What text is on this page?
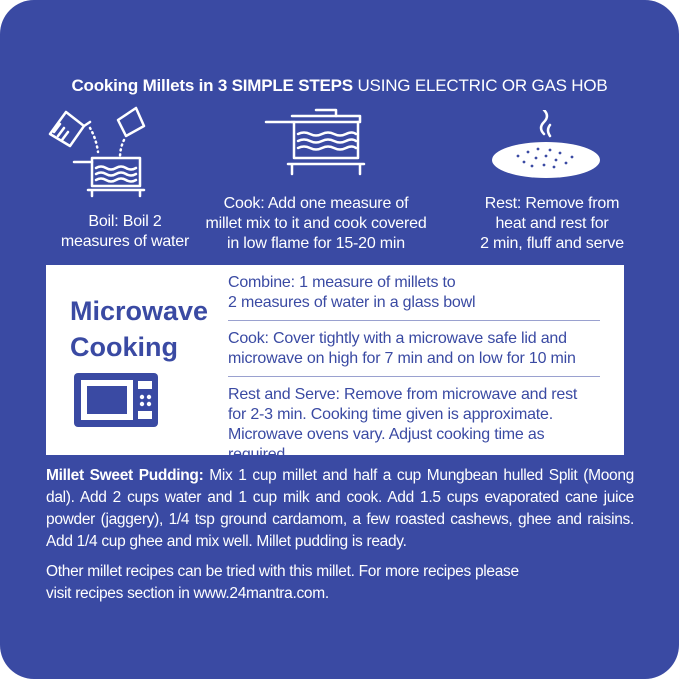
Cooking Millets in 3 SIMPLE STEPS USING ELECTRIC OR GAS HOB
Boil: Boil 2
measures of water
Cook: Add one measure of
millet mix to it and cook covered
in low flame for 15-20 min
Rest: Remove from
heat and rest for
2 min, fluff and serve
Microwave
Cooking
Combine: 1 measure of millets to
2 measures of water in a glass bowl
Cook: Cover tightly with a microwave safe lid and
microwave on high for 7 min and on low for 10 min
Rest and Serve: Remove from microwave and rest
for 2-3 min. Cooking time given is approximate.
Microwave ovens vary. Adjust cooking time as required
Millet Sweet Pudding: Mix 1 cup millet and half a cup Mungbean hulled Split (Moong dal). Add 2 cups water and 1 cup milk and cook. Add 1.5 cups evaporated cane juice powder (jaggery), 1/4 tsp ground cardamom, a few roasted cashews, ghee and raisins. Add 1/4 cup ghee and mix well. Millet pudding is ready.
Other millet recipes can be tried with this millet. For more recipes please
visit recipes section in www.24mantra.com.
